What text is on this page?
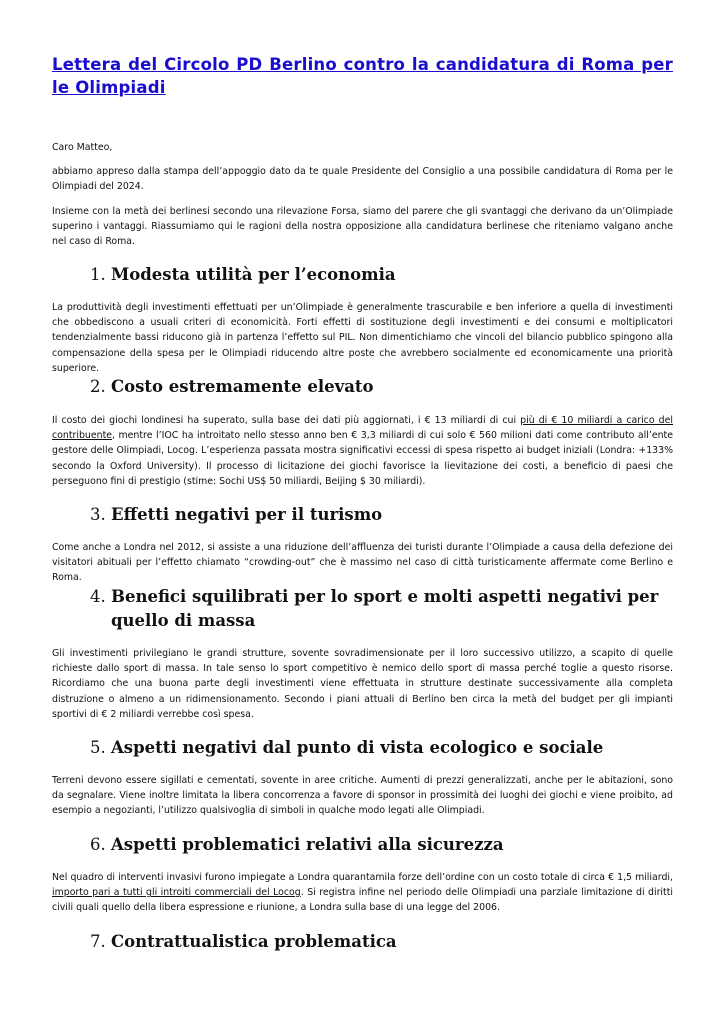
Lettera del Circolo PD Berlino contro la candidatura di Roma per le Olimpiadi

Caro Matteo,

abbiamo appreso dalla stampa dell’appoggio dato da te quale Presidente del Consiglio a una possibile candidatura di Roma per le Olimpiadi del 2024.

Insieme con la metà dei berlinesi secondo una rilevazione Forsa, siamo del parere che gli svantaggi che derivano da un’Olimpiade superino i vantaggi. Riassumiamo qui le ragioni della nostra opposizione alla candidatura berlinese che riteniamo valgano anche nel caso di Roma.

1. Modesta utilità per l’economia

La produttività degli investimenti effettuati per un’Olimpiade è generalmente trascurabile e ben inferiore a quella di investimenti che obbediscono a usuali criteri di economicità. Forti effetti di sostituzione degli investimenti e dei consumi e moltiplicatori tendenzialmente bassi riducono già in partenza l’effetto sul PIL. Non dimentichiamo che vincoli del bilancio pubblico spingono alla compensazione della spesa per le Olimpiadi riducendo altre poste che avrebbero socialmente ed economicamente una priorità superiore.

2. Costo estremamente elevato

Il costo dei giochi londinesi ha superato, sulla base dei dati più aggiornati, i € 13 miliardi di cui più di € 10 miliardi a carico del contribuente, mentre l’IOC ha introitato nello stesso anno ben € 3,3 miliardi di cui solo € 560 milioni dati come contributo all’ente gestore delle Olimpiadi, Locog. L’esperienza passata mostra significativi eccessi di spesa rispetto ai budget iniziali (Londra: +133% secondo la Oxford University). Il processo di licitazione dei giochi favorisce la lievitazione dei costi, a beneficio di paesi che perseguono fini di prestigio (stime: Sochi US$ 50 miliardi, Beijing $ 30 miliardi).

3. Effetti negativi per il turismo

Come anche a Londra nel 2012, si assiste a una riduzione dell’affluenza dei turisti durante l’Olimpiade a causa della defezione dei visitatori abituali per l’effetto chiamato “crowding-out” che è massimo nel caso di città turisticamente affermate come Berlino e Roma.

4. Benefici squilibrati per lo sport e molti aspetti negativi per quello di massa

Gli investimenti privilegiano le grandi strutture, sovente sovradimensionate per il loro successivo utilizzo, a scapito di quelle richieste dallo sport di massa. In tale senso lo sport competitivo è nemico dello sport di massa perché toglie a questo risorse. Ricordiamo che una buona parte degli investimenti viene effettuata in strutture destinate successivamente alla completa distruzione o almeno a un ridimensionamento. Secondo i piani attuali di Berlino ben circa la metà del budget per gli impianti sportivi di € 2 miliardi verrebbe così spesa.

5. Aspetti negativi dal punto di vista ecologico e sociale

Terreni devono essere sigillati e cementati, sovente in aree critiche. Aumenti di prezzi generalizzati, anche per le abitazioni, sono da segnalare. Viene inoltre limitata la libera concorrenza a favore di sponsor in prossimità dei luoghi dei giochi e viene proibito, ad esempio a negozianti, l’utilizzo qualsivoglia di simboli in qualche modo legati alle Olimpiadi.

6. Aspetti problematici relativi alla sicurezza

Nel quadro di interventi invasivi furono impiegate a Londra quarantamila forze dell’ordine con un costo totale di circa € 1,5 miliardi, importo pari a tutti gli introiti commerciali del Locog. Si registra infine nel periodo delle Olimpiadi una parziale limitazione di diritti civili quali quello della libera espressione e riunione, a Londra sulla base di una legge del 2006.

7. Contrattualistica problematica
